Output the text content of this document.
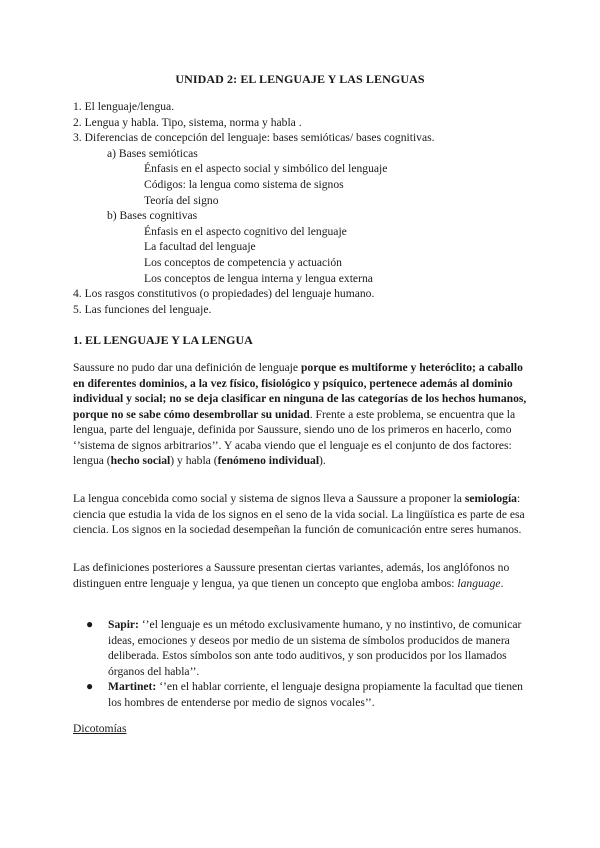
UNIDAD 2: EL LENGUAJE Y LAS LENGUAS
1. El lenguaje/lengua.
2. Lengua y habla. Tipo, sistema, norma y habla .
3. Diferencias de concepción del lenguaje: bases semióticas/ bases cognitivas.
a) Bases semióticas
Énfasis en el aspecto social y simbólico del lenguaje
Códigos: la lengua como sistema de signos
Teoría del signo
b) Bases cognitivas
Énfasis en el aspecto cognitivo del lenguaje
La facultad del lenguaje
Los conceptos de competencia y actuación
Los conceptos de lengua interna y lengua externa
4. Los rasgos constitutivos (o propiedades) del lenguaje humano.
5. Las funciones del lenguaje.
1. EL LENGUAJE Y LA LENGUA

Saussure no pudo dar una definición de lenguaje porque es multiforme y heteróclito; a caballo en diferentes dominios, a la vez físico, fisiológico y psíquico, pertenece además al dominio individual y social; no se deja clasificar en ninguna de las categorías de los hechos humanos, porque no se sabe cómo desembrollar su unidad. Frente a este problema, se encuentra que la lengua, parte del lenguaje, definida por Saussure, siendo uno de los primeros en hacerlo, como ‘’sistema de signos arbitrarios’’. Y acaba viendo que el lenguaje es el conjunto de dos factores: lengua (hecho social) y habla (fenómeno individual).

La lengua concebida como social y sistema de signos lleva a Saussure a proponer la semiología: ciencia que estudia la vida de los signos en el seno de la vida social. La lingüística es parte de esa ciencia. Los signos en la sociedad desempeñan la función de comunicación entre seres humanos.

Las definiciones posteriores a Saussure presentan ciertas variantes, además, los anglófonos no distinguen entre lenguaje y lengua, ya que tienen un concepto que engloba ambos: language.

● Sapir: ‘’el lenguaje es un método exclusivamente humano, y no instintivo, de comunicar ideas, emociones y deseos por medio de un sistema de símbolos producidos de manera deliberada. Estos símbolos son ante todo auditivos, y son producidos por los llamados órganos del habla’’.
● Martinet: ‘’en el hablar corriente, el lenguaje designa propiamente la facultad que tienen los hombres de entenderse por medio de signos vocales’’.
Dicotomías
